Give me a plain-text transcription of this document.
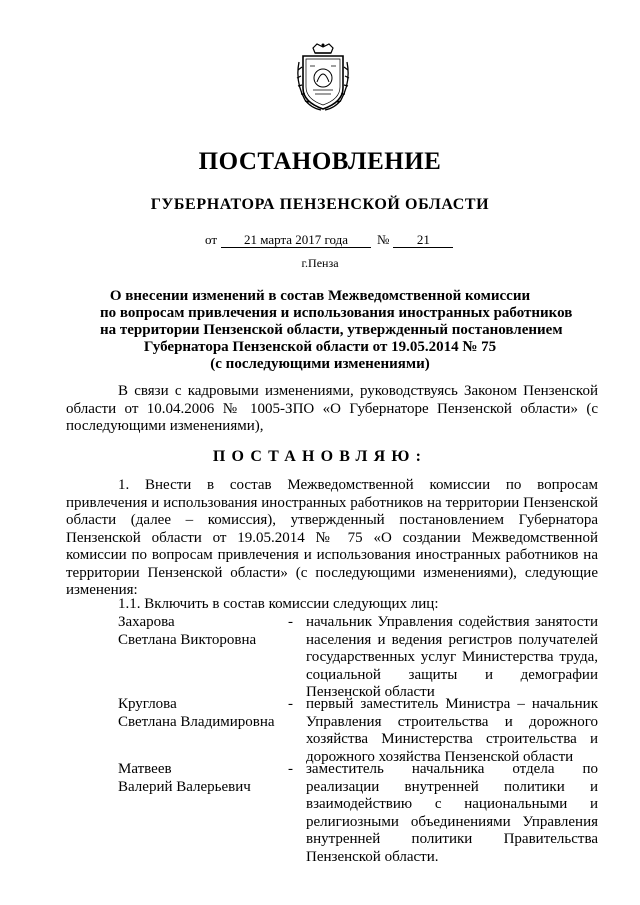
ПОСТАНОВЛЕНИЕ
ГУБЕРНАТОРА ПЕНЗЕНСКОЙ ОБЛАСТИ
от 21 марта 2017 года № 21
г.Пенза
О внесении изменений в состав Межведомственной комиссии
по вопросам привлечения и использования иностранных работников
на территории Пензенской области, утвержденный постановлением
Губернатора Пензенской области от 19.05.2014 № 75
(с последующими изменениями)
В связи с кадровыми изменениями, руководствуясь Законом Пензенской области от 10.04.2006 № 1005-ЗПО «О Губернаторе Пензенской области» (с последующими изменениями),
ПОСТАНОВЛЯЮ:
1. Внести в состав Межведомственной комиссии по вопросам привлечения и использования иностранных работников на территории Пензенской области (далее – комиссия), утвержденный постановлением Губернатора Пензенской области от 19.05.2014 № 75 «О создании Межведомственной комиссии по вопросам привлечения и использования иностранных работников на территории Пензенской области» (с последующими изменениями), следующие изменения:
1.1. Включить в состав комиссии следующих лиц:
Захарова
Светлана Викторовна
- начальник Управления содействия занятости населения и ведения регистров получателей государственных услуг Министерства труда, социальной защиты и демографии Пензенской области
Круглова
Светлана Владимировна
- первый заместитель Министра – начальник Управления строительства и дорожного хозяйства Министерства строительства и дорожного хозяйства Пензенской области
Матвеев
Валерий Валерьевич
- заместитель начальника отдела по реализации внутренней политики и взаимодействию с национальными и религиозными объединениями Управления внутренней политики Правительства Пензенской области.
